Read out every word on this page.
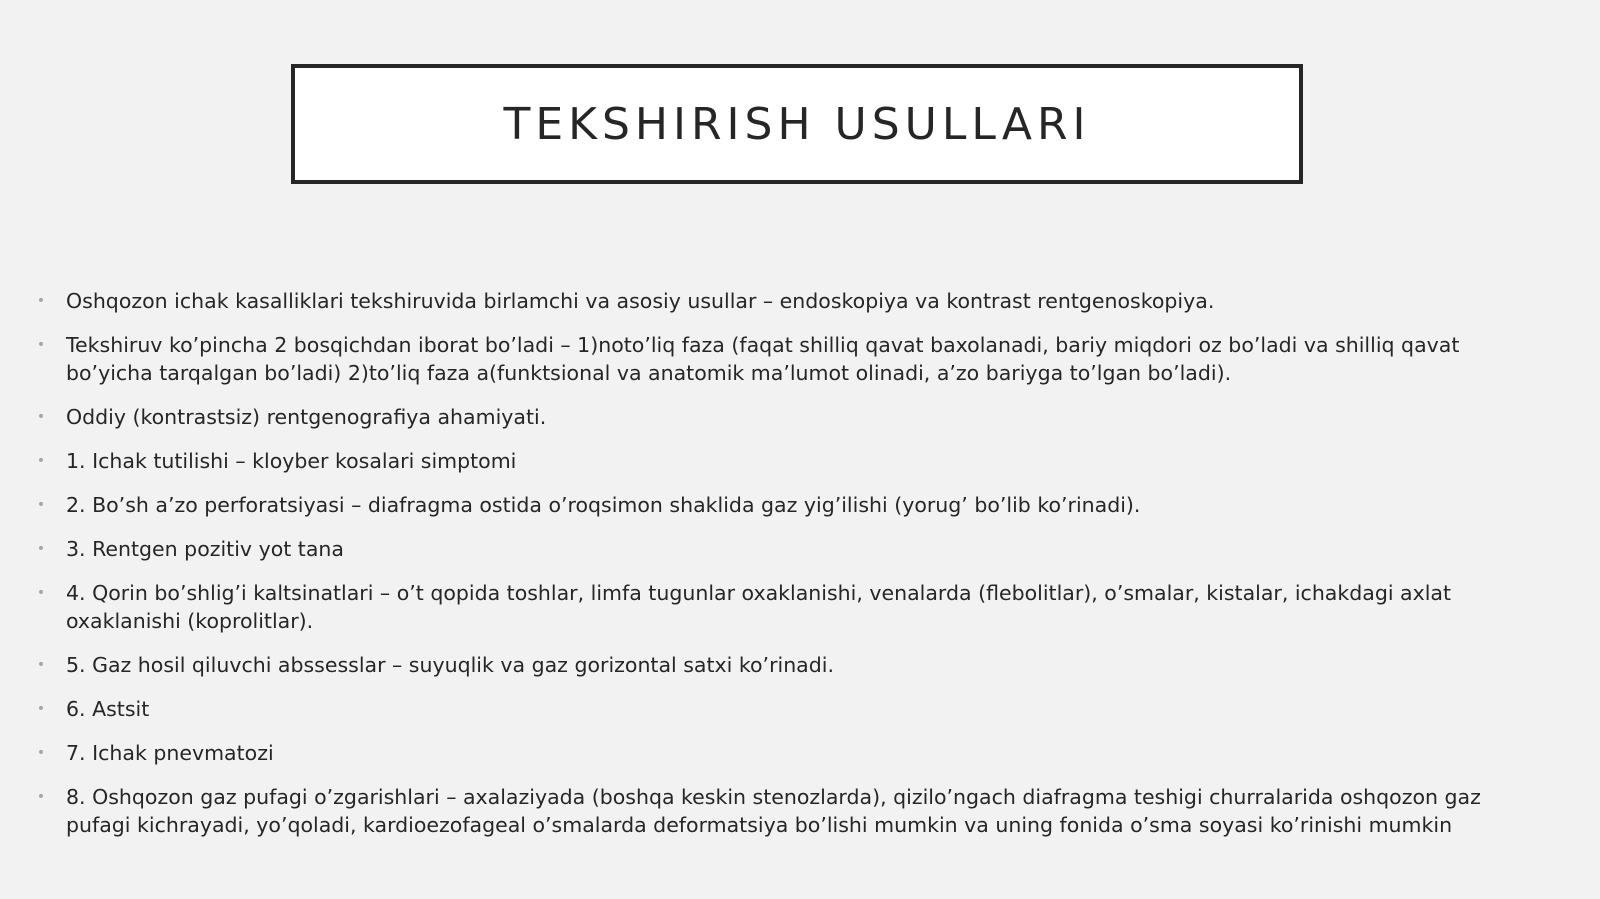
TEKSHIRISH USULLARI
• Oshqozon ichak kasalliklari tekshiruvida birlamchi va asosiy usullar – endoskopiya va kontrast rentgenoskopiya.
• Tekshiruv ko’pincha 2 bosqichdan iborat bo’ladi – 1)noto’liq faza (faqat shilliq qavat baxolanadi, bariy miqdori oz bo’ladi va shilliq qavat bo’yicha tarqalgan bo’ladi) 2)to’liq faza a(funktsional va anatomik ma’lumot olinadi, a’zo bariyga to’lgan bo’ladi).
• Oddiy (kontrastsiz) rentgenografiya ahamiyati.
• 1. Ichak tutilishi – kloyber kosalari simptomi
• 2. Bo’sh a’zo perforatsiyasi – diafragma ostida o’roqsimon shaklida gaz yig’ilishi (yorug’ bo’lib ko’rinadi).
• 3. Rentgen pozitiv yot tana
• 4. Qorin bo’shlig’i kaltsinatlari – o’t qopida toshlar, limfa tugunlar oxaklanishi, venalarda (flebolitlar), o’smalar, kistalar, ichakdagi axlat oxaklanishi (koprolitlar).
• 5. Gaz hosil qiluvchi abssesslar – suyuqlik va gaz gorizontal satxi ko’rinadi.
• 6. Astsit
• 7. Ichak pnevmatozi
• 8. Oshqozon gaz pufagi o’zgarishlari – axalaziyada (boshqa keskin stenozlarda), qizilo’ngach diafragma teshigi churralarida oshqozon gaz pufagi kichrayadi, yo’qoladi, kardioezofageal o’smalarda deformatsiya bo’lishi mumkin va uning fonida o’sma soyasi ko’rinishi mumkin
